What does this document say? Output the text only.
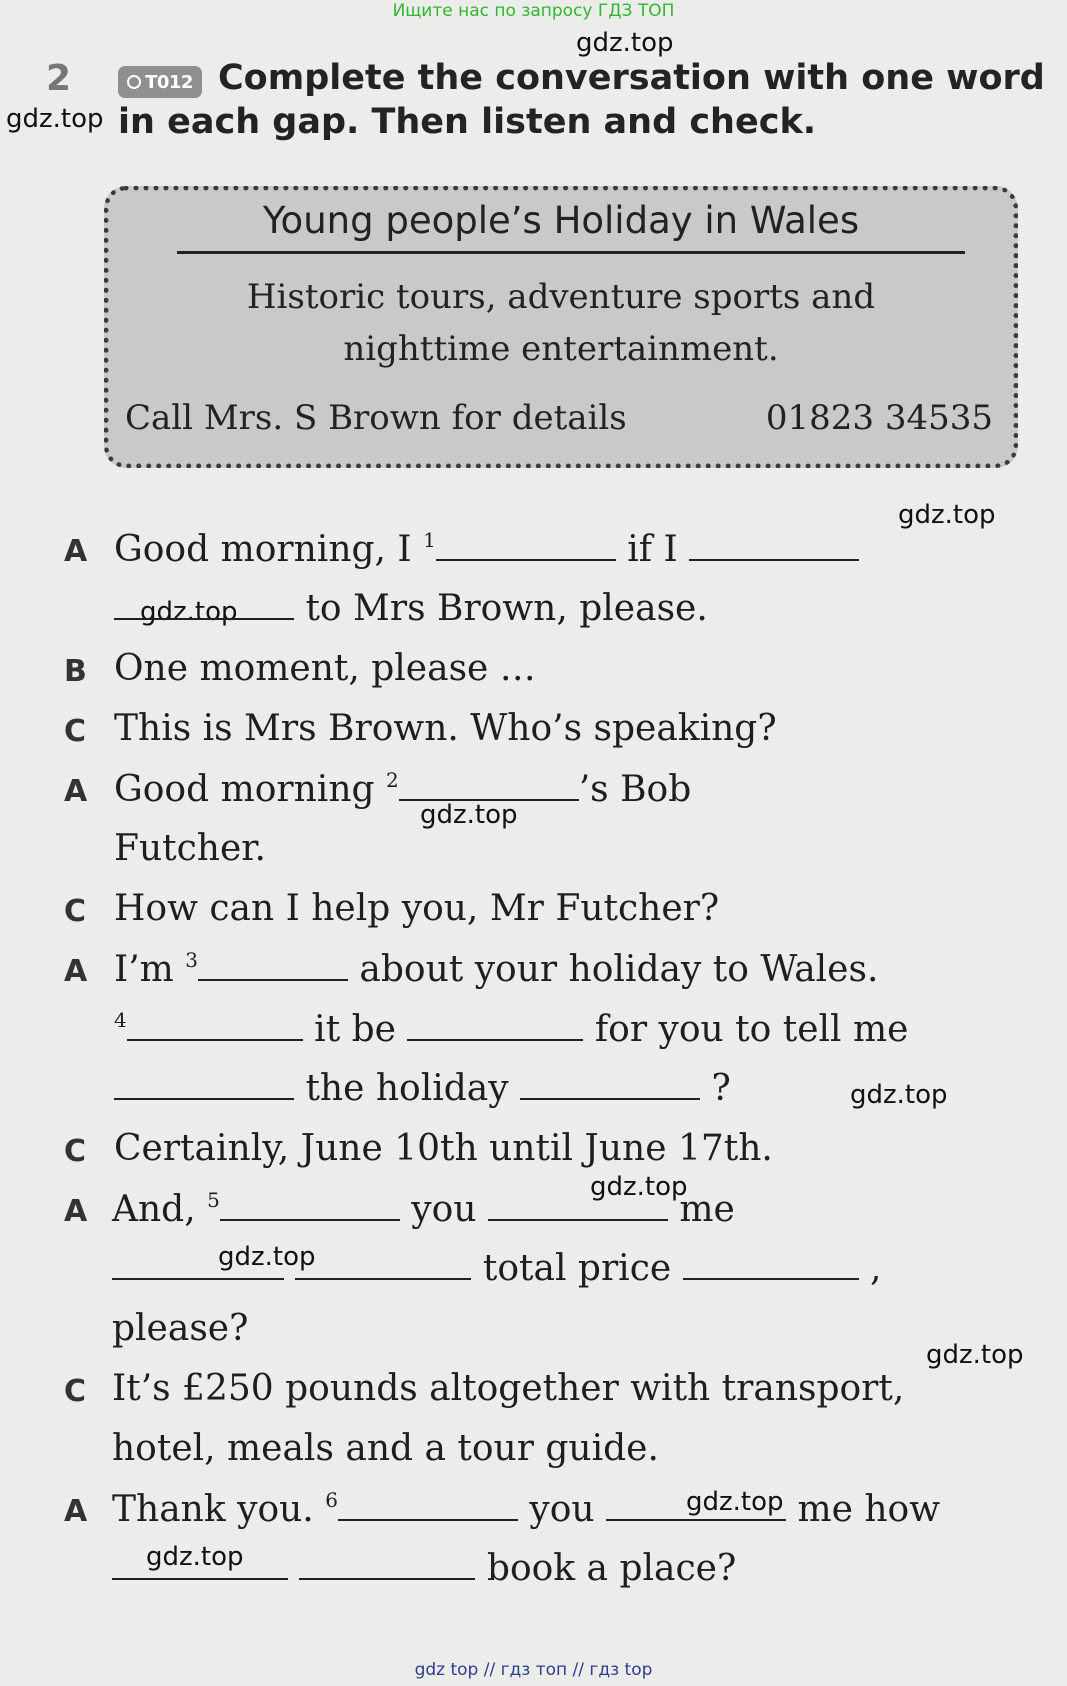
Ищите нас по запросу ГДЗ ТОП
gdz.top
gdz.top
gdz.top
gdz.top
gdz.top
gdz.top
gdz.top
gdz.top
gdz.top
gdz.top
gdz.top
2	T012 Complete the conversation with one word
in each gap. Then listen and check.
Young people’s Holiday in Wales
Historic tours, adventure sports and
nighttime entertainment.
Call Mrs. S Brown for details	01823 34535
A Good morning, I $^1$	if I
to Mrs Brown, please.
B One moment, please …
C This is Mrs Brown. Who’s speaking?
A Good morning $^2$	’s Bob
Futcher.
C How can I help you, Mr Futcher?
A I’m $^3$	about your holiday to Wales.
$^4$	it be	for you to tell me
the holiday	?
C Certainly, June 10th until June 17th.
A And, $^5$	you	me
total price	,
please?
C It’s £250 pounds altogether with transport,
hotel, meals and a tour guide.
A Thank you. $^6$	you	me how
book a place?
gdz top // гдз топ // гдз top
